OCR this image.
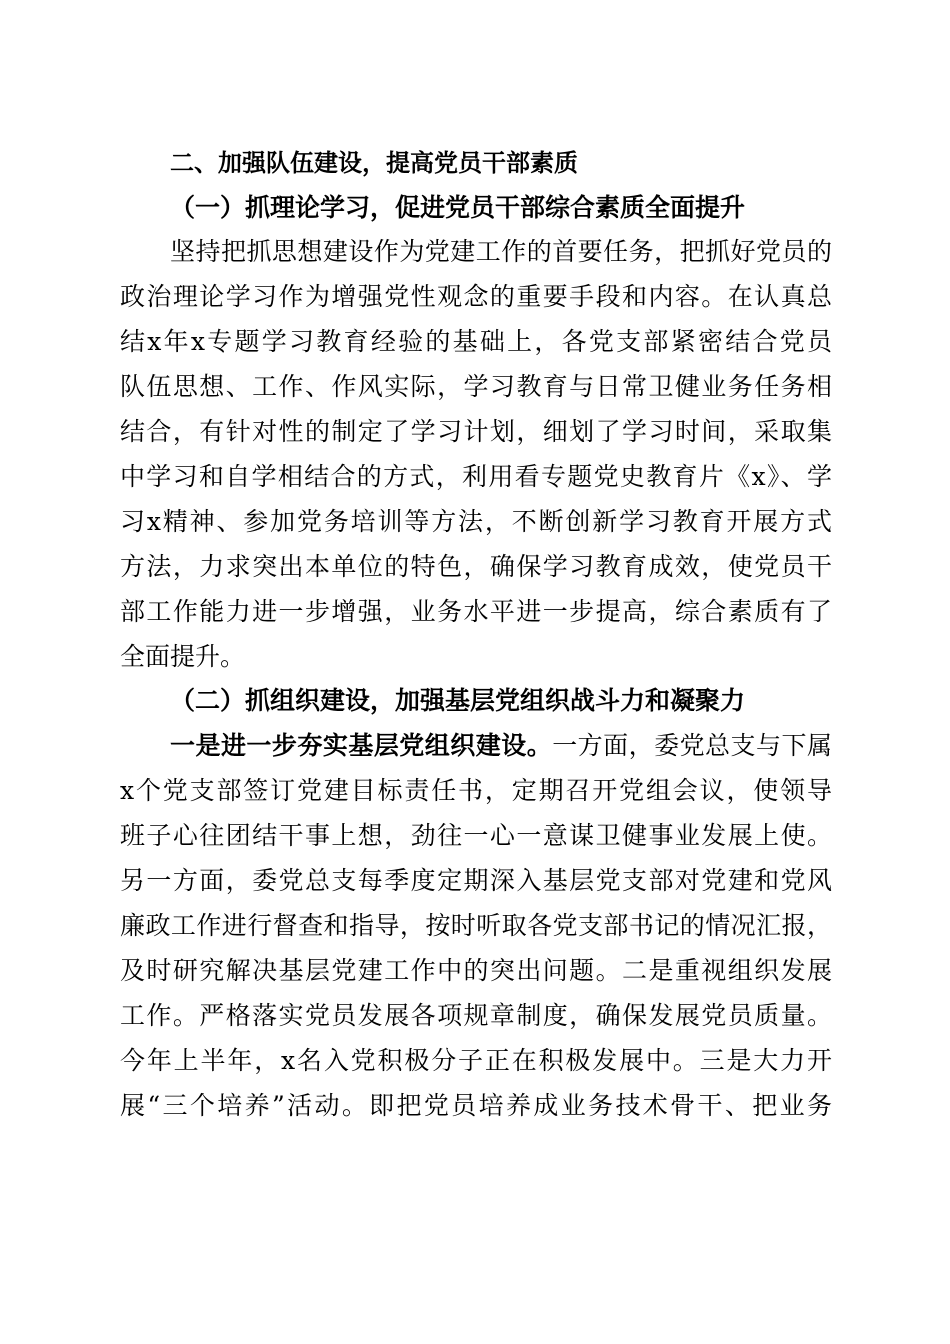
二、加强队伍建设，提高党员干部素质
（一）抓理论学习，促进党员干部综合素质全面提升
坚持把抓思想建设作为党建工作的首要任务，把抓好党员的
政治理论学习作为增强党性观念的重要手段和内容。在认真总
结x年x专题学习教育经验的基础上，各党支部紧密结合党员
队伍思想、工作、作风实际，学习教育与日常卫健业务任务相
结合，有针对性的制定了学习计划，细划了学习时间，采取集
中学习和自学相结合的方式，利用看专题党史教育片《x》、学
习x精神、参加党务培训等方法，不断创新学习教育开展方式
方法，力求突出本单位的特色，确保学习教育成效，使党员干
部工作能力进一步增强，业务水平进一步提高，综合素质有了
全面提升。
（二）抓组织建设，加强基层党组织战斗力和凝聚力
一是进一步夯实基层党组织建设。一方面，委党总支与下属
x个党支部签订党建目标责任书，定期召开党组会议，使领导
班子心往团结干事上想，劲往一心一意谋卫健事业发展上使。
另一方面，委党总支每季度定期深入基层党支部对党建和党风
廉政工作进行督查和指导，按时听取各党支部书记的情况汇报，
及时研究解决基层党建工作中的突出问题。二是重视组织发展
工作。严格落实党员发展各项规章制度，确保发展党员质量。
今年上半年，x名入党积极分子正在积极发展中。三是大力开
展“三个培养”活动。即把党员培养成业务技术骨干、把业务
